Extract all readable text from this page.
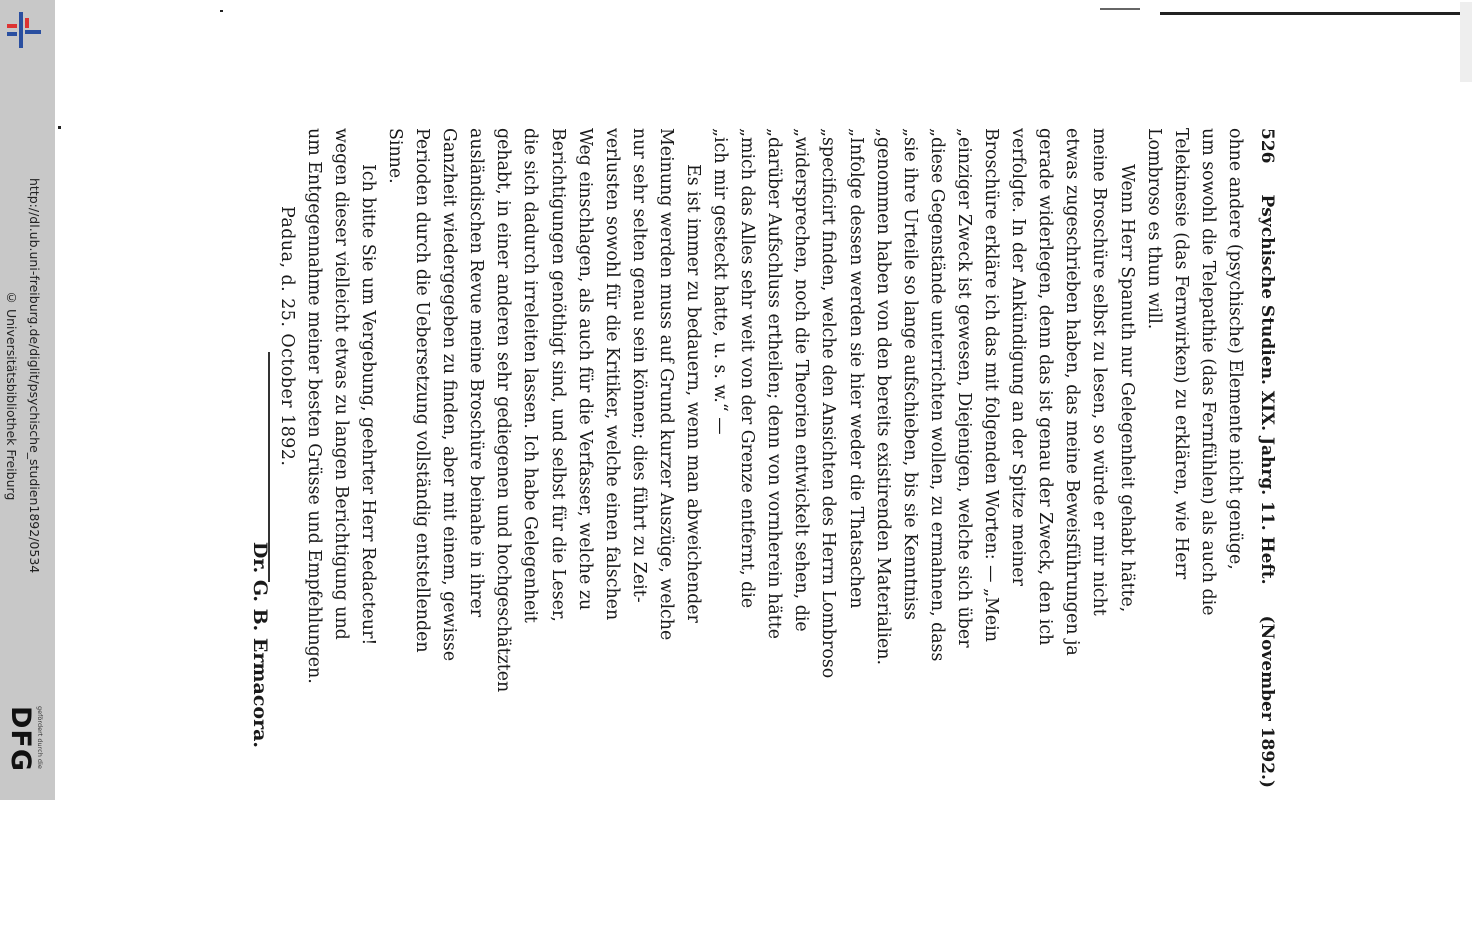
http://dl.ub.uni-freiburg.de/diglit/psychische_studien1892/0534
© Universitätsbibliothek Freiburg
DFG gefördert durch die
526
Psychische Studien. XIX. Jahrg. 11. Heft.
(November 1892.)

ohne andere (psychische) Elemente nicht genüge,

um sowohl die Telepathie (das Fernfühlen) als auch die

Telekinesie (das Fernwirken) zu erklären, wie Herr

Lombroso es thun will.

Wenn Herr Spanuth nur Gelegenheit gehabt hätte,

meine Broschüre selbst zu lesen, so würde er mir nicht

etwas zugeschrieben haben, das meine Beweisführungen ja

gerade widerlegen, denn das ist genau der Zweck, den ich

verfolgte. In der Ankündigung an der Spitze meiner

Broschüre erkläre ich das mit folgenden Worten: — „Mein

„einziger Zweck ist gewesen, Diejenigen, welche sich über

„diese Gegenstände unterrichten wollen, zu ermahnen, dass

„sie ihre Urteile so lange aufschieben, bis sie Kenntniss

„genommen haben von den bereits existirenden Materialien.

„Infolge dessen werden sie hier weder die Thatsachen

„specificirt finden, welche den Ansichten des Herrn Lombroso

„widersprechen, noch die Theorien entwickelt sehen, die

„darüber Aufschluss ertheilen; denn von vornherein hätte

„mich das Alles sehr weit von der Grenze entfernt, die

„ich mir gesteckt hatte, u. s. w.“ —

Es ist immer zu bedauern, wenn man abweichender

Meinung werden muss auf Grund kurzer Auszüge, welche

nur sehr selten genau sein können; dies führt zu Zeit-

verlusten sowohl für die Kritiker, welche einen falschen

Weg einschlagen, als auch für die Verfasser, welche zu

Berichtigungen genöthigt sind, und selbst für die Leser,

die sich dadurch irreleiten lassen. Ich habe Gelegenheit

gehabt, in einer anderen sehr gediegenen und hochgeschätzten

ausländischen Revue meine Broschüre beinahe in ihrer

Ganzheit wiedergegeben zu finden, aber mit einem, gewisse

Perioden durch die Uebersetzung vollständig entstellenden

Sinne.

Ich bitte Sie um Vergebung, geehrter Herr Redacteur!

wegen dieser vielleicht etwas zu langen Berichtigung und

um Entgegennahme meiner besten Grüsse und Empfehlungen.

Padua, d. 25. October 1892.

Dr. G. B. Ermacora.
